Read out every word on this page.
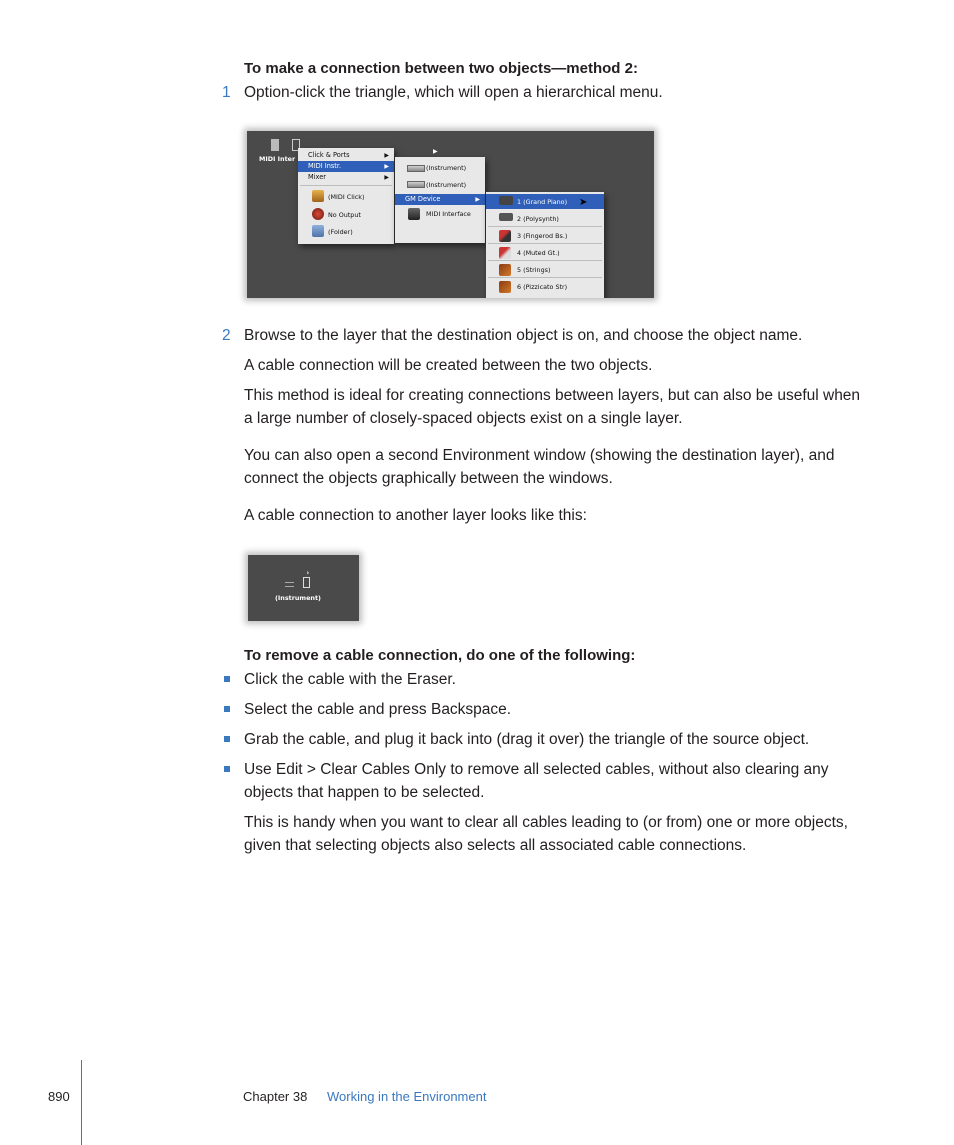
To make a connection between two objects—method 2:
1 Option-click the triangle, which will open a hierarchical menu.
MIDI Inter
▶
Click & Ports	▶
MIDI Instr.	▶
Mixer	▶
(MIDI Click)
No Output
(Folder)
(Instrument)
(Instrument)
GM Device	▶
MIDI Interface
1 (Grand Piano) ➤
2 (Polysynth)
3 (Fingerod Bs.)
4 (Muted Gt.)
5 (Strings)
6 (Pizzicato Str)
2 Browse to the layer that the destination object is on, and choose the object name.
A cable connection will be created between the two objects.
This method is ideal for creating connections between layers, but can also be useful when a large number of closely-spaced objects exist on a single layer.
You can also open a second Environment window (showing the destination layer), and connect the objects graphically between the windows.
A cable connection to another layer looks like this:
ʾ
(Instrument)
To remove a cable connection, do one of the following:
Click the cable with the Eraser.
Select the cable and press Backspace.
Grab the cable, and plug it back into (drag it over) the triangle of the source object.
Use Edit > Clear Cables Only to remove all selected cables, without also clearing any objects that happen to be selected.
This is handy when you want to clear all cables leading to (or from) one or more objects, given that selecting objects also selects all associated cable connections.
890	Chapter 38 Working in the Environment
